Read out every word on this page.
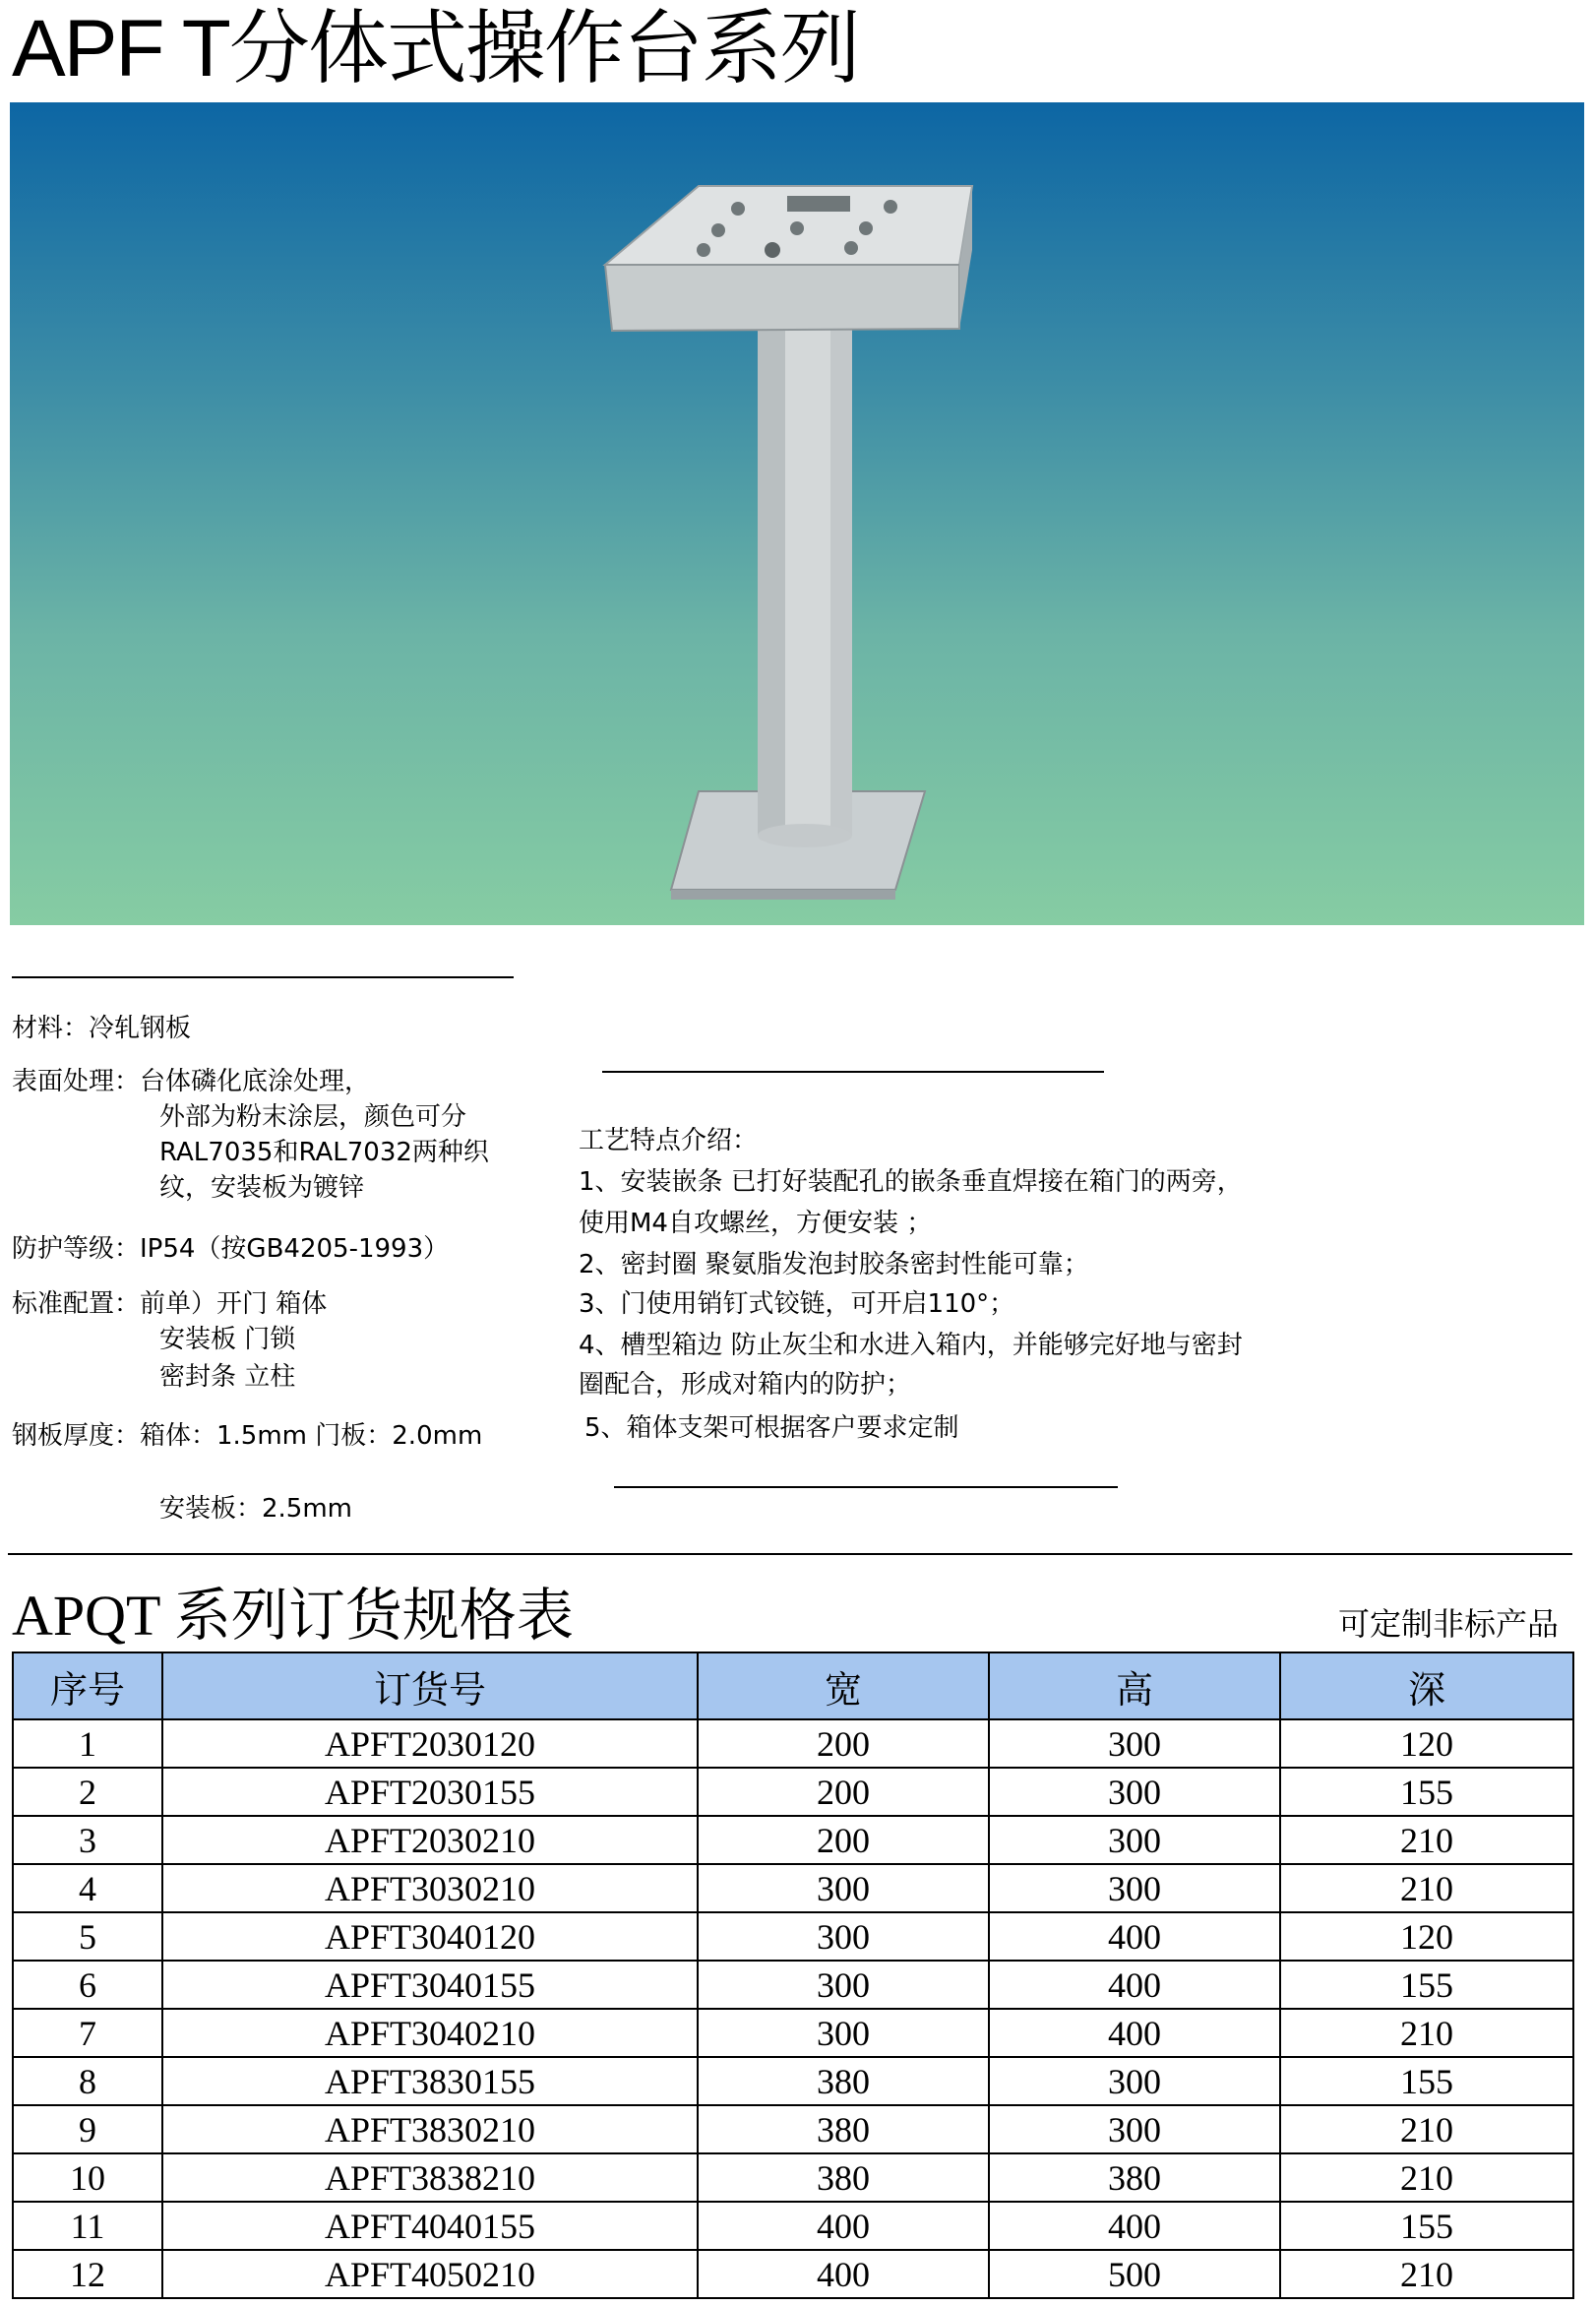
APF T分体式操作台系列
材料：冷轧钢板
表面处理：台体磷化底涂处理，
外部为粉末涂层，颜色可分
RAL7035和RAL7032两种织
纹，安装板为镀锌
防护等级：IP54（按GB4205-1993）
标准配置：前单）开门 箱体
安装板 门锁
密封条 立柱
钢板厚度：箱体：1.5mm 门板：2.0mm
安装板：2.5mm
工艺特点介绍：
1、安装嵌条 已打好装配孔的嵌条垂直焊接在箱门的两旁，
使用M4自攻螺丝，方便安装 ；
2、密封圈 聚氨脂发泡封胶条密封性能可靠；
3、门使用销钉式铰链，可开启110°；
4、槽型箱边 防止灰尘和水进入箱内，并能够完好地与密封
圈配合，形成对箱内的防护；
5、箱体支架可根据客户要求定制
APQT 系列订货规格表	可定制非标产品
序号	订货号	宽	高	深
1	APFT2030120	200	300	120
2	APFT2030155	200	300	155
3	APFT2030210	200	300	210
4	APFT3030210	300	300	210
5	APFT3040120	300	400	120
6	APFT3040155	300	400	155
7	APFT3040210	300	400	210
8	APFT3830155	380	300	155
9	APFT3830210	380	300	210
10	APFT3838210	380	380	210
11	APFT4040155	400	400	155
12	APFT4050210	400	500	210
